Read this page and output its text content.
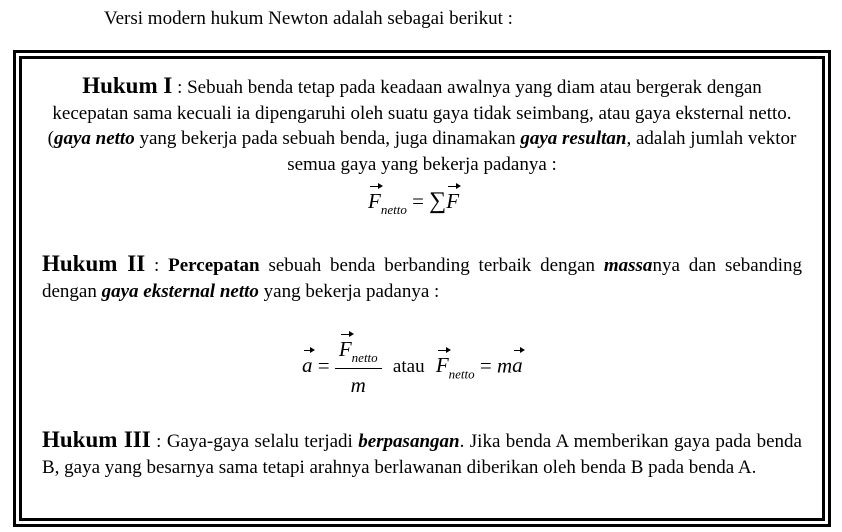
Versi modern hukum Newton adalah sebagai berikut :
Hukum I : Sebuah benda tetap pada keadaan awalnya yang diam atau bergerak dengan kecepatan sama kecuali ia dipengaruhi oleh suatu gaya tidak seimbang, atau gaya eksternal netto. (gaya netto yang bekerja pada sebuah benda, juga dinamakan gaya resultan, adalah jumlah vektor semua gaya yang bekerja padanya :
$F_{netto} = \sum F$
Hukum II : Percepatan sebuah benda berbanding terbaik dengan massanya dan sebanding dengan gaya eksternal netto yang bekerja padanya :
$a = \frac{F_{netto}}{m}$ atau $F_{netto}$ = ma
Hukum III : Gaya-gaya selalu terjadi berpasangan. Jika benda A memberikan gaya pada benda B, gaya yang besarnya sama tetapi arahnya berlawanan diberikan oleh benda B pada benda A.
